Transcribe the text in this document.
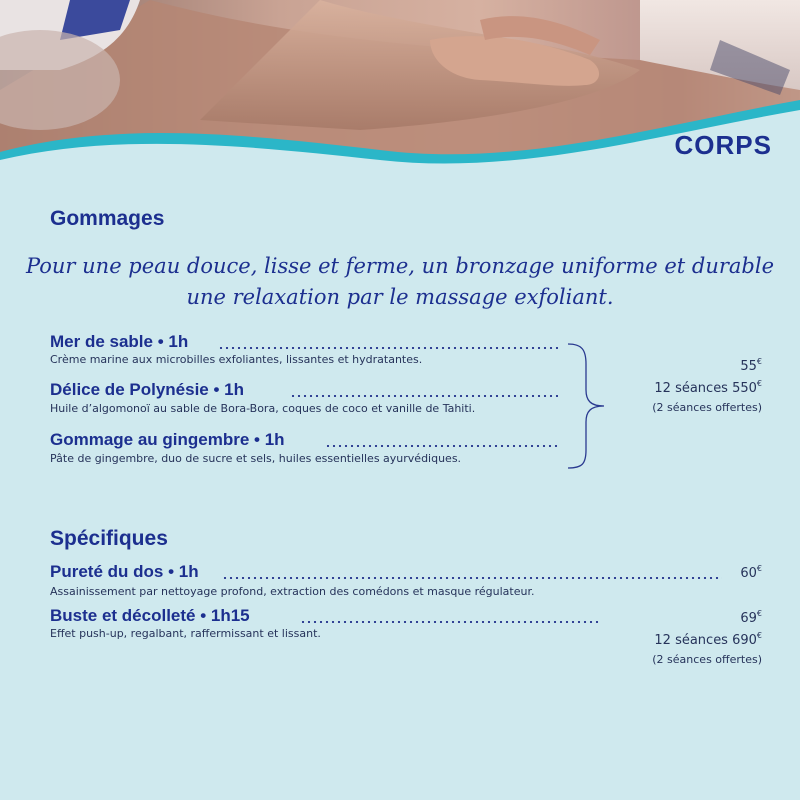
CORPS
Gommages
Pour une peau douce, lisse et ferme, un bronzage uniforme et durable
une relaxation par le massage exfoliant.
Mer de sable • 1h
Crème marine aux microbilles exfoliantes, lissantes et hydratantes.
Délice de Polynésie • 1h
Huile d’algomonoï au sable de Bora-Bora, coques de coco et vanille de Tahiti.
Gommage au gingembre • 1h
Pâte de gingembre, duo de sucre et sels, huiles essentielles ayurvédiques.
55€
12 séances 550€
(2 séances offertes)
Spécifiques
Pureté du dos • 1h	60€
Assainissement par nettoyage profond, extraction des comédons et masque régulateur.
Buste et décolleté • 1h15
Effet push-up, regalbant, raffermissant et lissant.
69€
12 séances 690€
(2 séances offertes)
